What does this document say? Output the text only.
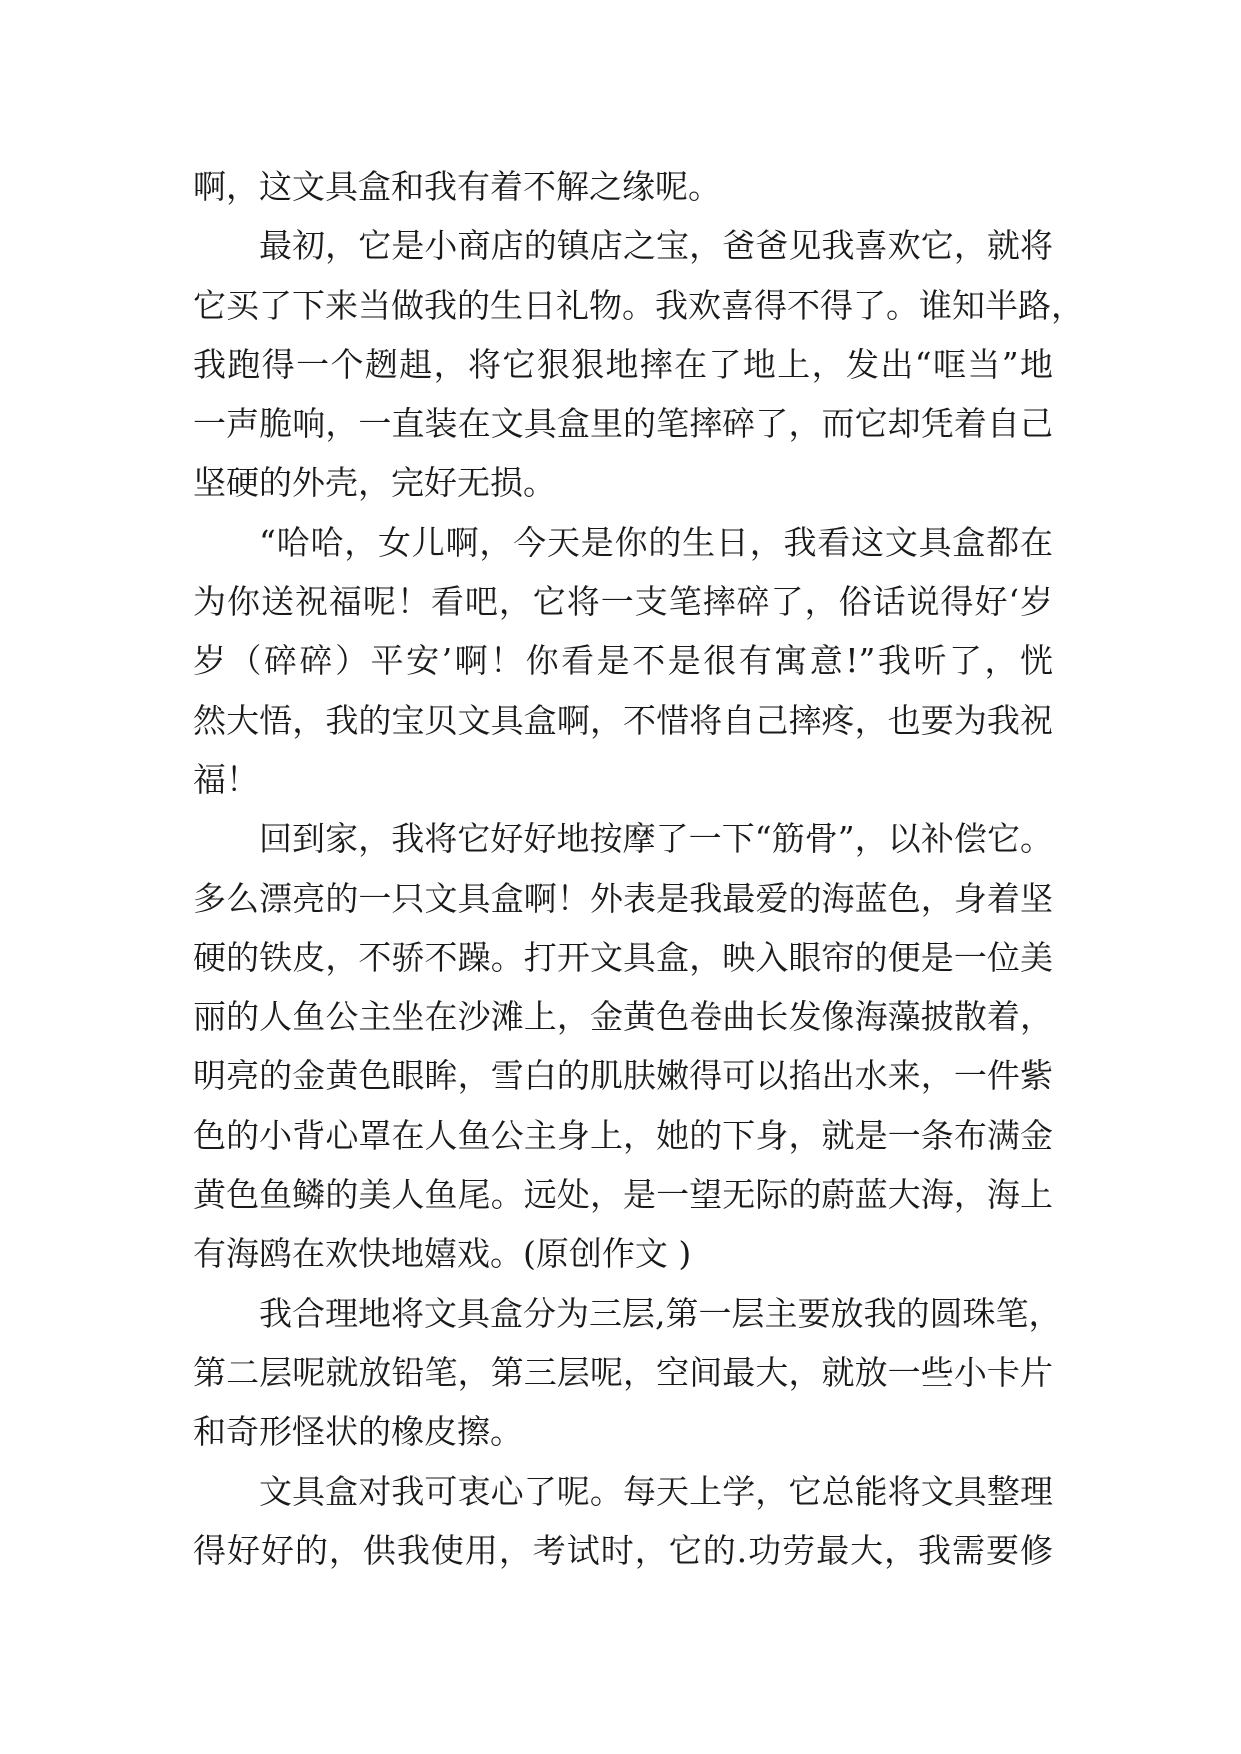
啊，这文具盒和我有着不解之缘呢。
最初，它是小商店的镇店之宝，爸爸见我喜欢它，就将
它买了下来当做我的生日礼物。我欢喜得不得了。谁知半路，
我跑得一个趔趄，将它狠狠地摔在了地上，发出“哐当”地
一声脆响，一直装在文具盒里的笔摔碎了，而它却凭着自己
坚硬的外壳，完好无损。
“哈哈，女儿啊，今天是你的生日，我看这文具盒都在
为你送祝福呢！看吧，它将一支笔摔碎了，俗话说得好‘岁
岁（碎碎）平安’啊！你看是不是很有寓意!”我听了，恍
然大悟，我的宝贝文具盒啊，不惜将自己摔疼，也要为我祝
福！
回到家，我将它好好地按摩了一下“筋骨”，以补偿它。
多么漂亮的一只文具盒啊！外表是我最爱的海蓝色，身着坚
硬的铁皮，不骄不躁。打开文具盒，映入眼帘的便是一位美
丽的人鱼公主坐在沙滩上，金黄色卷曲长发像海藻披散着，
明亮的金黄色眼眸，雪白的肌肤嫩得可以掐出水来，一件紫
色的小背心罩在人鱼公主身上，她的下身，就是一条布满金
黄色鱼鳞的美人鱼尾。远处，是一望无际的蔚蓝大海，海上
有海鸥在欢快地嬉戏。(原创作文 )
我合理地将文具盒分为三层,第一层主要放我的圆珠笔，
第二层呢就放铅笔，第三层呢，空间最大，就放一些小卡片
和奇形怪状的橡皮擦。
文具盒对我可衷心了呢。每天上学，它总能将文具整理
得好好的，供我使用，考试时，它的.功劳最大，我需要修
